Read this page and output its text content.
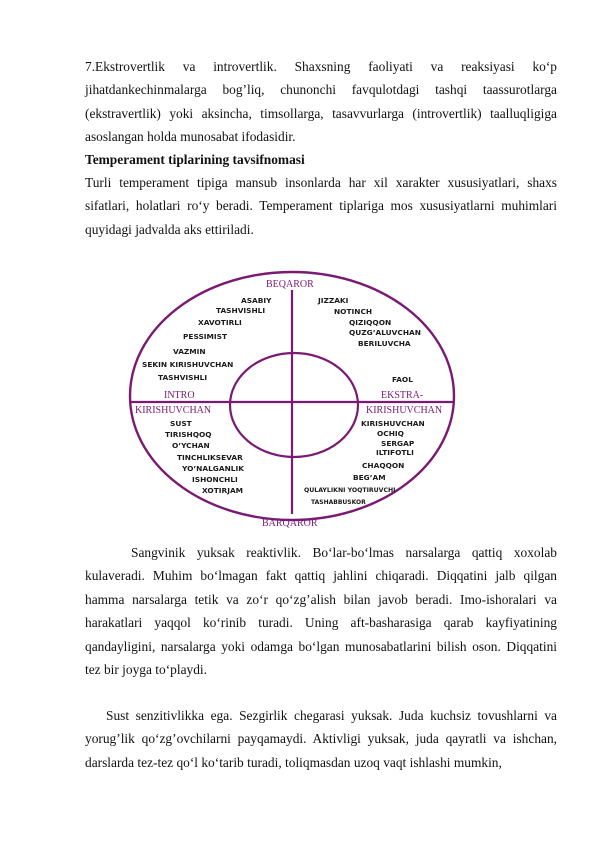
7.Ekstrovertlik va introvertlik. Shaxsning faoliyati va reaksiyasi ko‘p jihatdankechinmalarga bog’liq, chunonchi favqulotdagi tashqi taassurotlarga (ekstravertlik) yoki aksincha, timsollarga, tasavvurlarga (introvertlik) taalluqligiga asoslangan holda munosabat ifodasidir.

Temperament tiplarining tavsifnomasi

Turli temperament tipiga mansub insonlarda har xil xarakter xususiyatlari, shaxs sifatlari, holatlari ro‘y beradi. Temperament tiplariga mos xususiyatlarni muhimlari quyidagi jadvalda aks ettiriladi.

Sangvinik yuksak reaktivlik. Bo‘lar-bo‘lmas narsalarga qattiq xoxolab kulaveradi. Muhim bo‘lmagan fakt qattiq jahlini chiqaradi. Diqqatini jalb qilgan hamma narsalarga tetik va zo‘r qo‘zg’alish bilan javob beradi. Imo-ishoralari va harakatlari yaqqol ko‘rinib turadi. Uning aft-basharasiga qarab kayfiyatining qandayligini, narsalarga yoki odamga bo‘lgan munosabatlarini bilish oson. Diqqatini tez bir joyga to‘playdi.

Sust senzitivlikka ega. Sezgirlik chegarasi yuksak. Juda kuchsiz tovushlarni va yorug’lik qo‘zg’ovchilarni payqamaydi. Aktivligi yuksak, juda qayratli va ishchan, darslarda tez-tez qo‘l ko‘tarib turadi, toliqmasdan uzoq vaqt ishlashi mumkin,

BEQAROR
BARQAROR
INTRO
KIRISHUVCHAN
EKSTRA-
KIRISHUVCHAN
ASABIY
TASHVISHLI
XAVOTIRLI
PESSIMIST
VAZMIN
SEKIN KIRISHUVCHAN
TASHVISHLI
JIZZAKI
NOTINCH
QIZIQQON
QUZG’ALUVCHAN
BERILUVCHA
FAOL
SUST
TIRISHQOQ
O’YCHAN
TINCHLIKSEVAR
YO’NALGANLIK
ISHONCHLI
XOTIRJAM
KIRISHUVCHAN
OCHIQ
SERGAP
ILTIFOTLI
CHAQQON
BEG’AM
QULAYLIKNI YOQTIRUVCHI
TASHABBUSKOR
